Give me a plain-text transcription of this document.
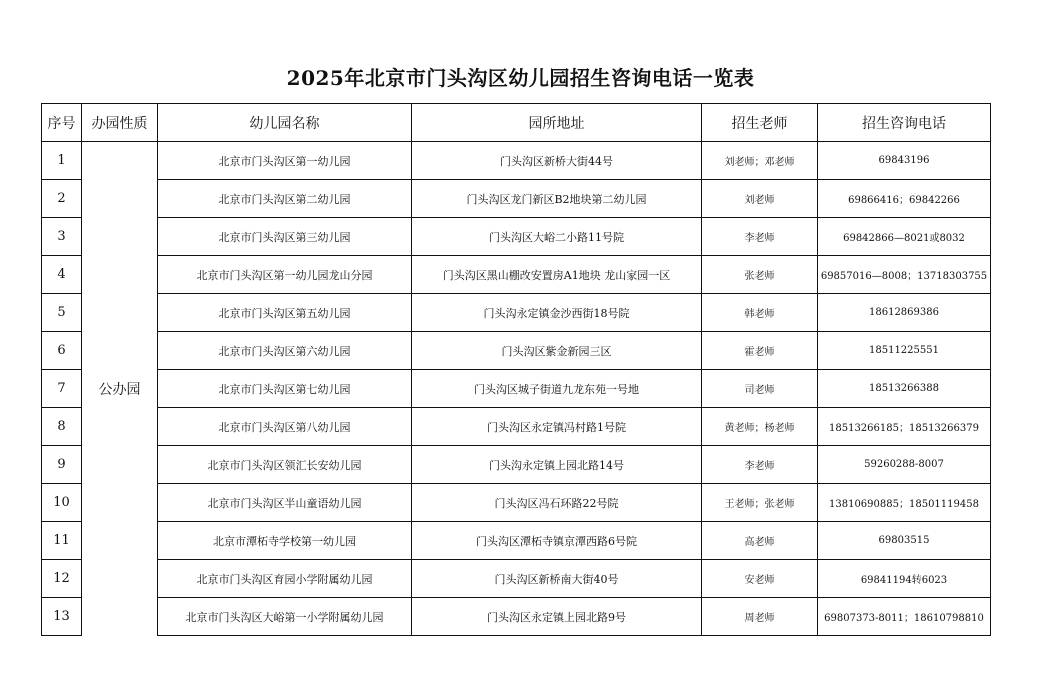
2025年北京市门头沟区幼儿园招生咨询电话一览表
序号	办园性质	幼儿园名称	园所地址	招生老师	招生咨询电话
1	公办园	北京市门头沟区第一幼儿园	门头沟区新桥大街44号	刘老师；邓老师	69843196
2		北京市门头沟区第二幼儿园	门头沟区龙门新区B2地块第二幼儿园	刘老师	69866416；69842266
3		北京市门头沟区第三幼儿园	门头沟区大峪二小路11号院	李老师	69842866—8021或8032
4		北京市门头沟区第一幼儿园龙山分园	门头沟区黑山棚改安置房A1地块 龙山家园一区	张老师	69857016—8008；13718303755
5		北京市门头沟区第五幼儿园	门头沟永定镇金沙西街18号院	韩老师	18612869386
6		北京市门头沟区第六幼儿园	门头沟区紫金新园三区	霍老师	18511225551
7		北京市门头沟区第七幼儿园	门头沟区城子街道九龙东苑一号地	司老师	18513266388
8		北京市门头沟区第八幼儿园	门头沟区永定镇冯村路1号院	黄老师；杨老师	18513266185；18513266379
9		北京市门头沟区领汇长安幼儿园	门头沟永定镇上园北路14号	李老师	59260288-8007
10		北京市门头沟区半山童语幼儿园	门头沟区冯石环路22号院	王老师；张老师	13810690885；18501119458
11		北京市潭柘寺学校第一幼儿园	门头沟区潭柘寺镇京潭西路6号院	高老师	69803515
12		北京市门头沟区育园小学附属幼儿园	门头沟区新桥南大街40号	安老师	69841194转6023
13		北京市门头沟区大峪第一小学附属幼儿园	门头沟区永定镇上园北路9号	周老师	69807373-8011；18610798810
